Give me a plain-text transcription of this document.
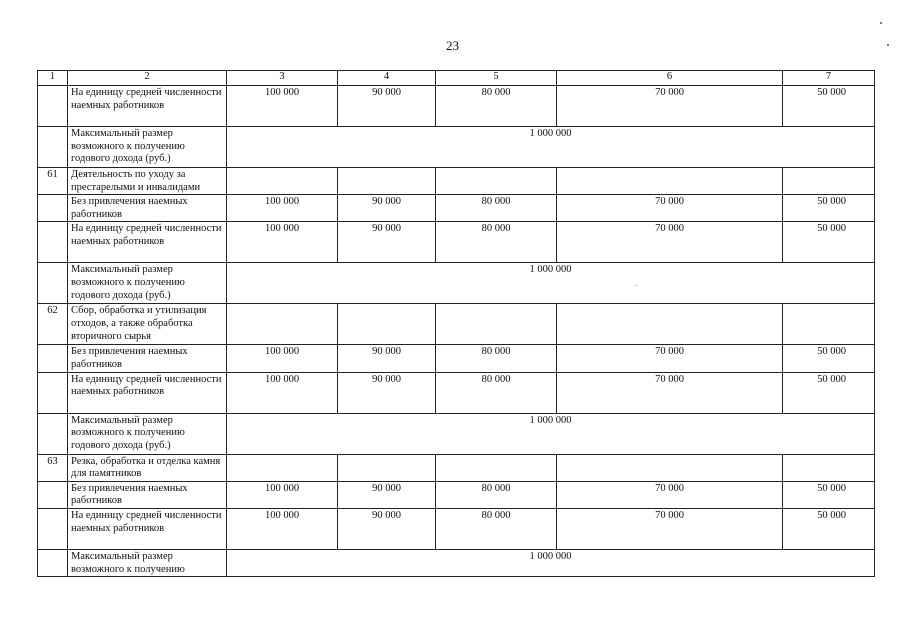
23
1	2	3	4	5	6	7
	На единицу средней численности наемных работников	100 000	90 000	80 000	70 000	50 000
	Максимальный размер возможного к получению годового дохода (руб.)	1 000 000				
61	Деятельность по уходу за престарелыми и инвалидами					
	Без привлечения наемных работников	100 000	90 000	80 000	70 000	50 000
	На единицу средней численности наемных работников	100 000	90 000	80 000	70 000	50 000
	Максимальный размер возможного к получению годового дохода (руб.)	1 000 000				
62	Сбор, обработка и утилизация отходов, а также обработка вторичного сырья					
	Без привлечения наемных работников	100 000	90 000	80 000	70 000	50 000
	На единицу средней численности наемных работников	100 000	90 000	80 000	70 000	50 000
	Максимальный размер возможного к получению годового дохода (руб.)	1 000 000				
63	Резка, обработка и отделка камня для памятников					
	Без привлечения наемных работников	100 000	90 000	80 000	70 000	50 000
	На единицу средней численности наемных работников	100 000	90 000	80 000	70 000	50 000
	Максимальный размер возможного к получению	1 000 000				
